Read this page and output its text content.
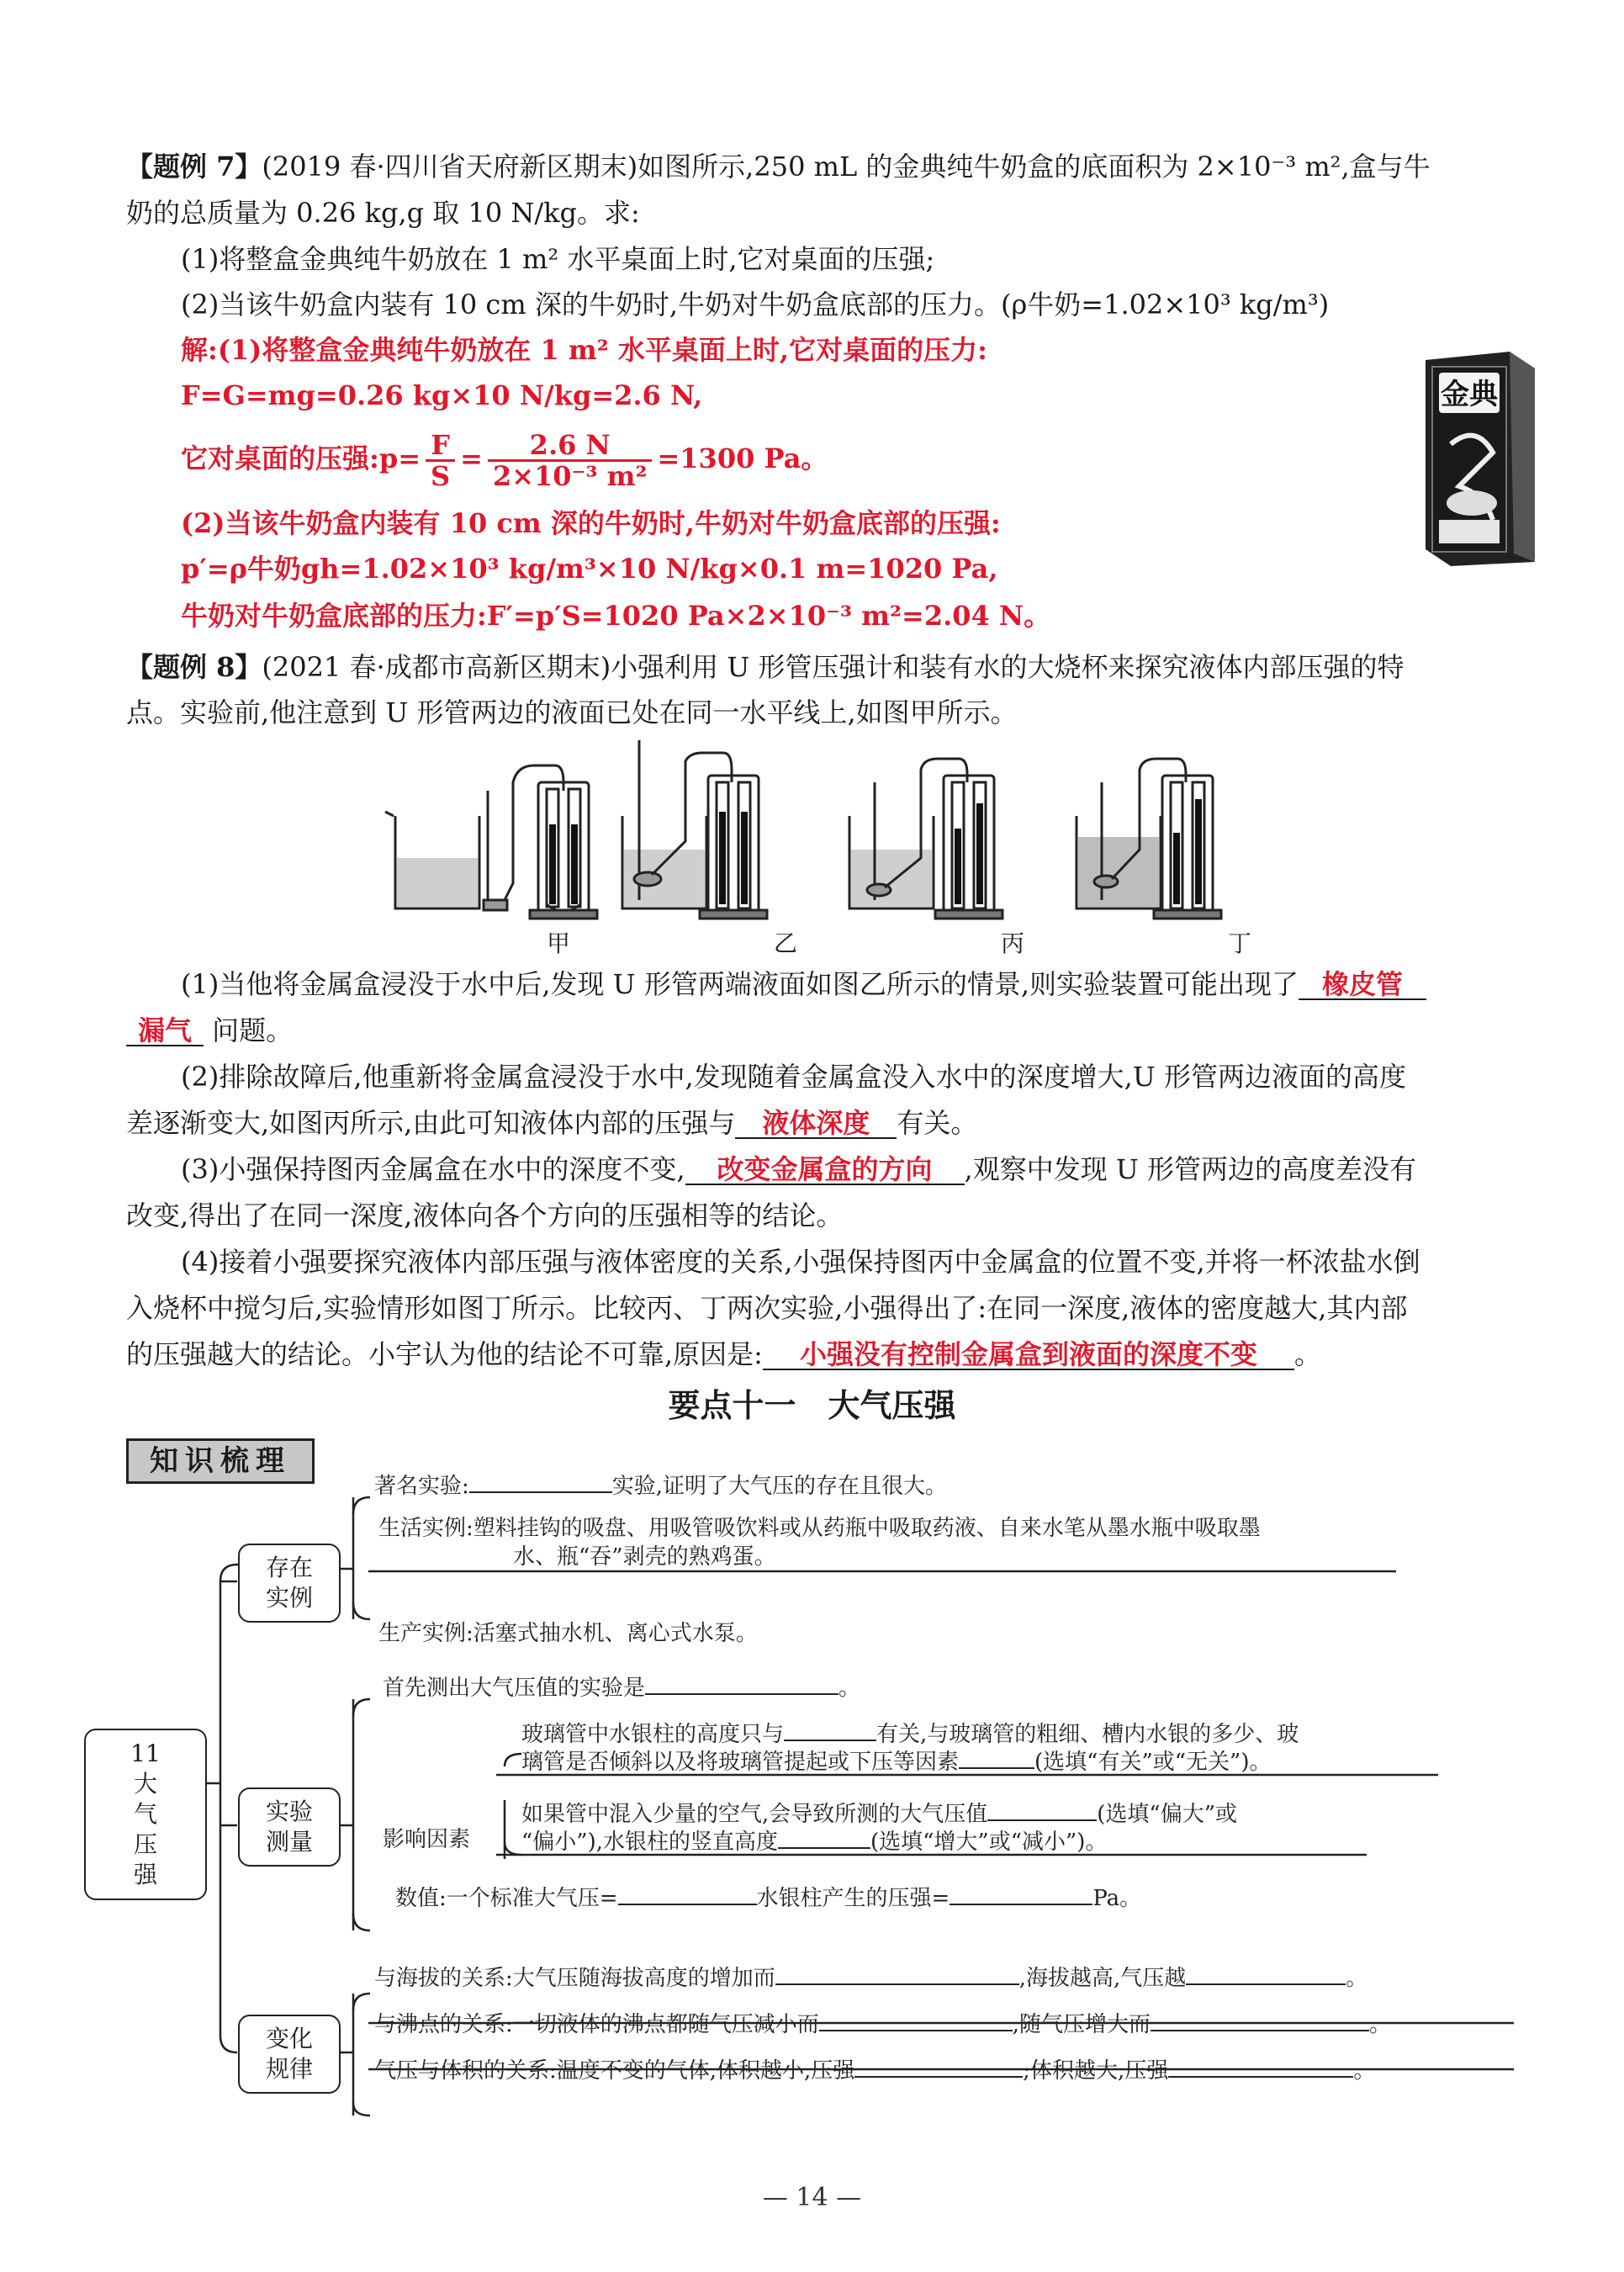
【题例 7】(2019 春·四川省天府新区期末)如图所示,250 mL 的金典纯牛奶盒的底面积为 2×10⁻³ m²,盒与牛
奶的总质量为 0.26 kg,g 取 10 N/kg。求:
(1)将整盒金典纯牛奶放在 1 m² 水平桌面上时,它对桌面的压强;
(2)当该牛奶盒内装有 10 cm 深的牛奶时,牛奶对牛奶盒底部的压力。(ρ牛奶=1.02×10³ kg/m³)
解:(1)将整盒金典纯牛奶放在 1 m² 水平桌面上时,它对桌面的压力:
F=G=mg=0.26 kg×10 N/kg=2.6 N,
它对桌面的压强:p= $\frac{F}{S} = \frac{2.6 N}{\text{2×10⁻³ m²}} =1300$ Pa。
(2)当该牛奶盒内装有 10 cm 深的牛奶时,牛奶对牛奶盒底部的压强:
p′=ρ牛奶gh=1.02×10³ kg/m³×10 N/kg×0.1 m=1020 Pa,
牛奶对牛奶盒底部的压力:F′=p′S=1020 Pa×2×10⁻³ m²=2.04 N。
金典
【题例 8】(2021 春·成都市高新区期末)小强利用 U 形管压强计和装有水的大烧杯来探究液体内部压强的特
点。实验前,他注意到 U 形管两边的液面已处在同一水平线上,如图甲所示。
甲	乙	丙	丁
(1)当他将金属盒浸没于水中后,发现 U 形管两端液面如图乙所示的情景,则实验装置可能出现了 橡皮管
漏气 问题。
(2)排除故障后,他重新将金属盒浸没于水中,发现随着金属盒没入水中的深度增大,U 形管两边液面的高度
差逐渐变大,如图丙所示,由此可知液体内部的压强与 液体深度 有关。
(3)小强保持图丙金属盒在水中的深度不变, 改变金属盒的方向 ,观察中发现 U 形管两边的高度差没有
改变,得出了在同一深度,液体向各个方向的压强相等的结论。
(4)接着小强要探究液体内部压强与液体密度的关系,小强保持图丙中金属盒的位置不变,并将一杯浓盐水倒
入烧杯中搅匀后,实验情形如图丁所示。比较丙、丁两次实验,小强得出了:在同一深度,液体的密度越大,其内部
的压强越大的结论。小宇认为他的结论不可靠,原因是: 小强没有控制金属盒到液面的深度不变 。
要点十一　大气压强
知识梳理
11大气压强
存在实例
实验测量
变化规律
著名实验:	实验,证明了大气压的存在且很大。
生活实例:塑料挂钩的吸盘、用吸管吸饮料或从药瓶中吸取药液、自来水笔从墨水瓶中吸取墨
水、瓶“吞”剥壳的熟鸡蛋。
生产实例:活塞式抽水机、离心式水泵。
首先测出大气压值的实验是	。
影响因素
玻璃管中水银柱的高度只与	有关,与玻璃管的粗细、槽内水银的多少、玻
璃管是否倾斜以及将玻璃管提起或下压等因素	(选填“有关”或“无关”)。
如果管中混入少量的空气,会导致所测的大气压值	(选填“偏大”或
“偏小”),水银柱的竖直高度	(选填“增大”或“减小”)。
数值:一个标准大气压=	水银柱产生的压强=	Pa。
与海拔的关系:大气压随海拔高度的增加而	,海拔越高,气压越	。
与沸点的关系:一切液体的沸点都随气压减小而	,随气压增大而	。
气压与体积的关系:温度不变的气体,体积越小,压强	;体积越大,压强	。
— 14 —
